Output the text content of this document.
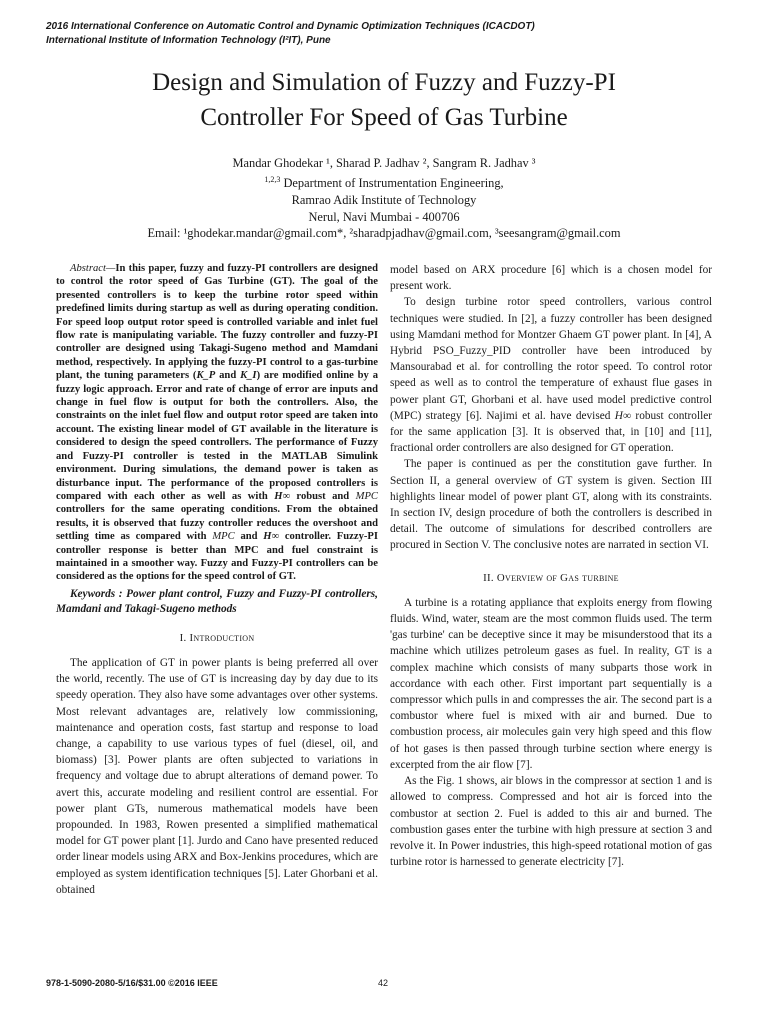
2016 International Conference on Automatic Control and Dynamic Optimization Techniques (ICACDOT)
International Institute of Information Technology (I²IT), Pune
Design and Simulation of Fuzzy and Fuzzy-PI
Controller For Speed of Gas Turbine
Mandar Ghodekar ¹, Sharad P. Jadhav ², Sangram R. Jadhav ³
$^{1,2,3}$ Department of Instrumentation Engineering,
Ramrao Adik Institute of Technology
Nerul, Navi Mumbai - 400706
Email: ¹ghodekar.mandar@gmail.com*, ²sharadpjadhav@gmail.com, ³seesangram@gmail.com

Abstract—In this paper, fuzzy and fuzzy-PI controllers are designed to control the rotor speed of Gas Turbine (GT). The goal of the presented controllers is to keep the turbine rotor speed within predefined limits during startup as well as during operating condition. For speed loop output rotor speed is controlled variable and inlet fuel flow rate is manipulating variable. The fuzzy controller and fuzzy-PI controller are designed using Takagi-Sugeno method and Mamdani method, respectively. In applying the fuzzy-PI control to a gas-turbine plant, the tuning parameters (K_P and K_I) are modified online by a fuzzy logic approach. Error and rate of change of error are inputs and change in fuel flow is output for both the controllers. Also, the constraints on the inlet fuel flow and output rotor speed are taken into account. The existing linear model of GT available in the literature is considered to design the speed controllers. The performance of Fuzzy and Fuzzy-PI controller is tested in the MATLAB Simulink environment. During simulations, the demand power is taken as disturbance input. The performance of the proposed controllers is compared with each other as well as with H∞ robust and MPC controllers for the same operating conditions. From the obtained results, it is observed that fuzzy controller reduces the overshoot and settling time as compared with MPC and H∞ controller. Fuzzy-PI controller response is better than MPC and fuel constraint is maintained in a smoother way. Fuzzy and Fuzzy-PI controllers can be considered as the options for the speed control of GT.

Keywords : Power plant control, Fuzzy and Fuzzy-PI controllers, Mamdani and Takagi-Sugeno methods

I. Introduction

The application of GT in power plants is being preferred all over the world, recently. The use of GT is increasing day by day due to its speedy operation. They also have some advantages over other systems. Most relevant advantages are, relatively low commissioning, maintenance and operation costs, fast startup and response to load change, a capability to use various types of fuel (diesel, oil, and biomass) [3]. Power plants are often subjected to variations in frequency and voltage due to abrupt alterations of demand power. To avert this, accurate modeling and resilient control are essential. For power plant GTs, numerous mathematical models have been propounded. In 1983, Rowen presented a simplified mathematical model for GT power plant [1]. Jurdo and Cano have presented reduced order linear models using ARX and Box-Jenkins procedures, which are employed as system identification techniques [5]. Later Ghorbani et al. obtained

model based on ARX procedure [6] which is a chosen model for present work.

To design turbine rotor speed controllers, various control techniques were studied. In [2], a fuzzy controller has been designed using Mamdani method for Montzer Ghaem GT power plant. In [4], A Hybrid PSO_Fuzzy_PID controller have been introduced by Mansourabad et al. for controlling the rotor speed. To control rotor speed as well as to control the temperature of exhaust flue gases in power plant GT, Ghorbani et al. have used model predictive control (MPC) strategy [6]. Najimi et al. have devised H∞ robust controller for the same application [3]. It is observed that, in [10] and [11], fractional order controllers are also designed for GT operation.

The paper is continued as per the constitution gave further. In Section II, a general overview of GT system is given. Section III highlights linear model of power plant GT, along with its constraints. In section IV, design procedure of both the controllers is described in detail. The outcome of simulations for described controllers are procured in Section V. The conclusive notes are narrated in section VI.

II. Overview of Gas turbine

A turbine is a rotating appliance that exploits energy from flowing fluids. Wind, water, steam are the most common fluids used. The term 'gas turbine' can be deceptive since it may be misunderstood that its a machine which utilizes petroleum gases as fuel. In reality, GT is a complex machine which consists of many subparts those work in accordance with each other. First important part sequentially is a compressor which pulls in and compresses the air. The second part is a combustor where fuel is mixed with air and burned. Due to combustion process, air molecules gain very high speed and this flow of hot gases is then passed through turbine section where energy is excerpted from the air flow [7].

As the Fig. 1 shows, air blows in the compressor at section 1 and is allowed to compress. Compressed and hot air is forced into the combustor at section 2. Fuel is added to this air and burned. The combustion gases enter the turbine with high pressure at section 3 and revolve it. In Power industries, this high-speed rotational motion of gas turbine rotor is harnessed to generate electricity [7].

978-1-5090-2080-5/16/$31.00 ©2016 IEEE	42
